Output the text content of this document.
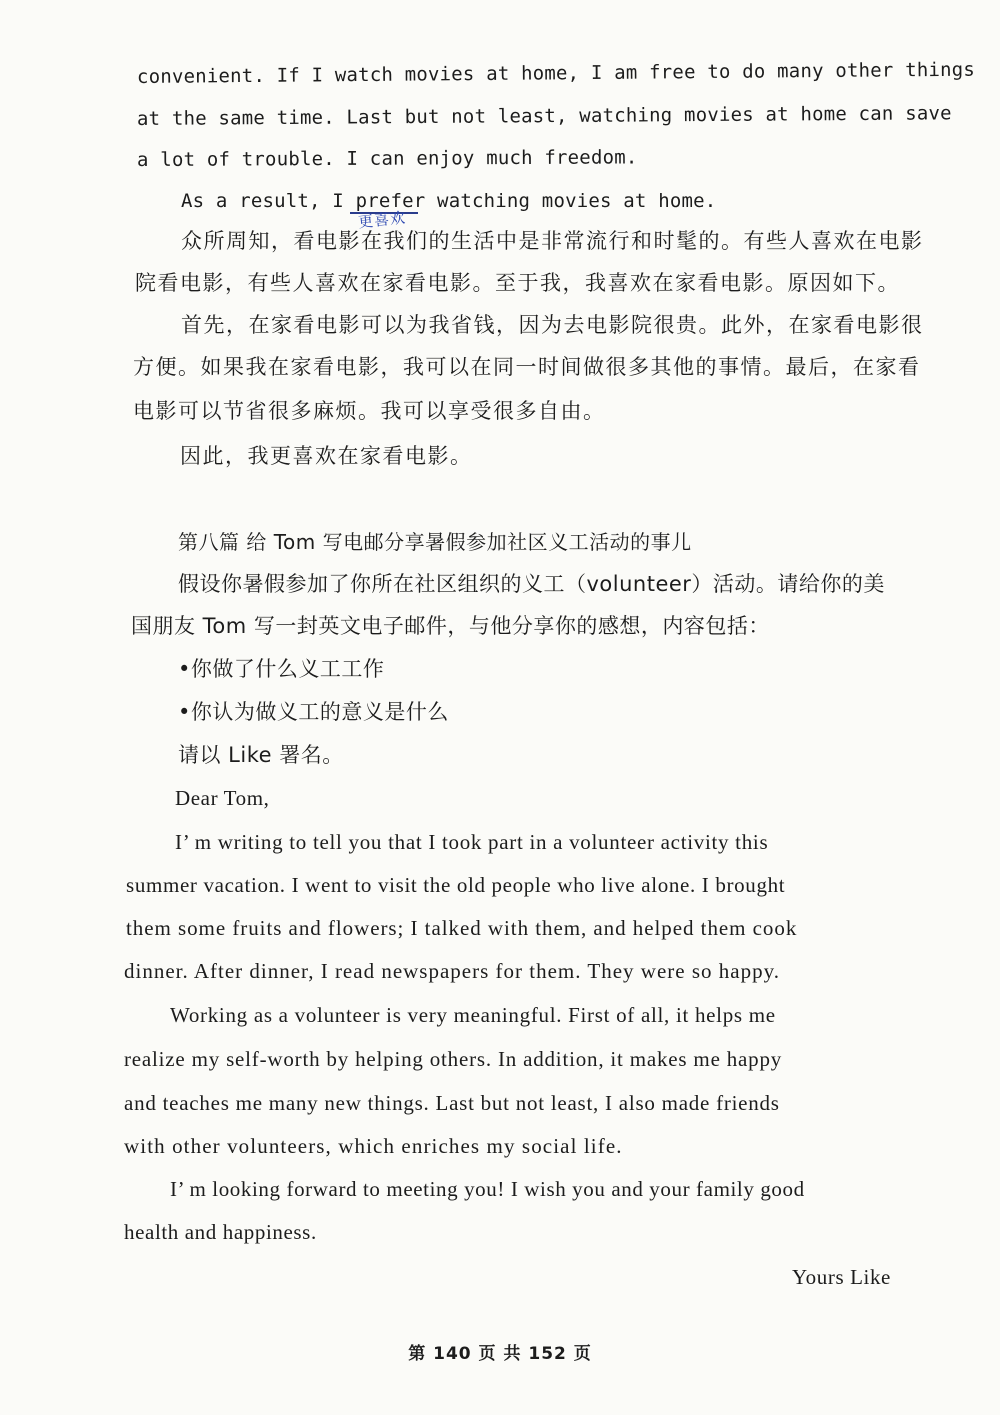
convenient. If I watch movies at home, I am free to do many other things
at the same time. Last but not least, watching movies at home can save
a lot of trouble. I can enjoy much freedom.
As a result, I prefer watching movies at home.
更喜欢
众所周知，看电影在我们的生活中是非常流行和时髦的。有些人喜欢在电影
院看电影，有些人喜欢在家看电影。至于我，我喜欢在家看电影。原因如下。
首先，在家看电影可以为我省钱，因为去电影院很贵。此外，在家看电影很
方便。如果我在家看电影，我可以在同一时间做很多其他的事情。最后，在家看
电影可以节省很多麻烦。我可以享受很多自由。
因此，我更喜欢在家看电影。
第八篇 给 Tom 写电邮分享暑假参加社区义工活动的事儿
假设你暑假参加了你所在社区组织的义工（volunteer）活动。请给你的美
国朋友 Tom 写一封英文电子邮件，与他分享你的感想，内容包括：
•你做了什么义工工作
•你认为做义工的意义是什么
请以 Like 署名。
Dear Tom,
I’ m writing to tell you that I took part in a volunteer activity this
summer vacation. I went to visit the old people who live alone. I brought
them some fruits and flowers; I talked with them, and helped them cook
dinner. After dinner, I read newspapers for them. They were so happy.
Working as a volunteer is very meaningful. First of all, it helps me
realize my self-worth by helping others. In addition, it makes me happy
and teaches me many new things. Last but not least, I also made friends
with other volunteers, which enriches my social life.
I’ m looking forward to meeting you! I wish you and your family good
health and happiness.
Yours Like
第 140 页 共 152 页
